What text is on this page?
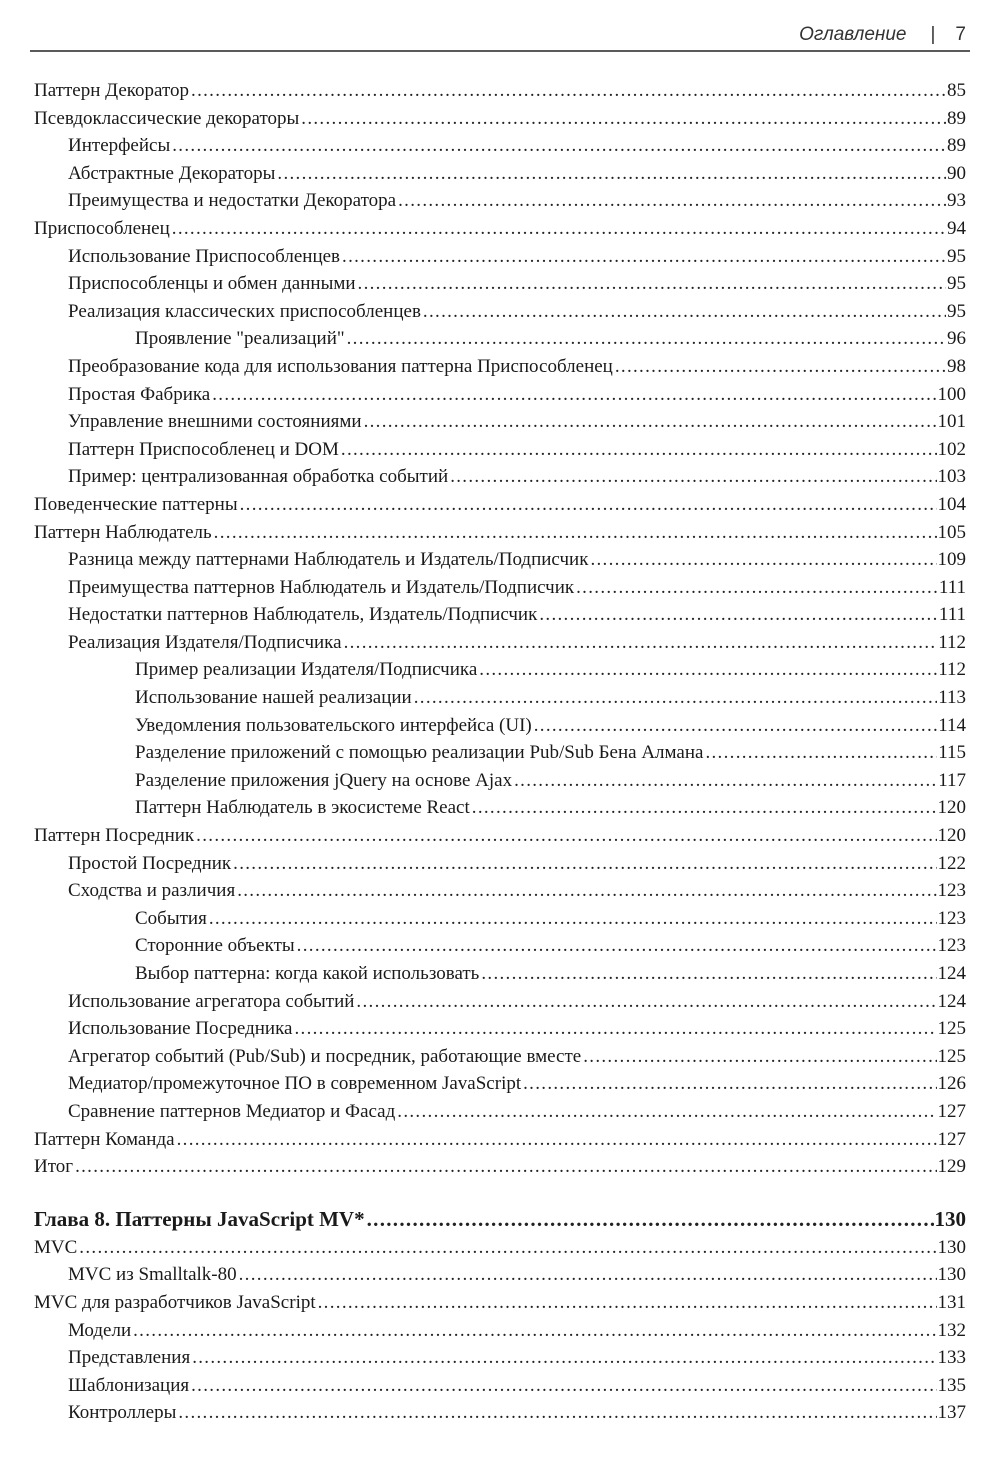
Оглавление | 7
Паттерн Декоратор .....	85
Псевдоклассические декораторы .....	89
Интерфейсы .....	89
Абстрактные Декораторы .....	90
Преимущества и недостатки Декоратора .....	93
Приспособленец .....	94
Использование Приспособленцев .....	95
Приспособленцы и обмен данными .....	95
Реализация классических приспособленцев .....	95
Проявление "реализаций" .....	96
Преобразование кода для использования паттерна Приспособленец .....	98
Простая Фабрика .....	100
Управление внешними состояниями .....	101
Паттерн Приспособленец и DOM .....	102
Пример: централизованная обработка событий .....	103
Поведенческие паттерны .....	104
Паттерн Наблюдатель .....	105
Разница между паттернами Наблюдатель и Издатель/Подписчик .....	109
Преимущества паттернов Наблюдатель и Издатель/Подписчик .....	111
Недостатки паттернов Наблюдатель, Издатель/Подписчик .....	111
Реализация Издателя/Подписчика .....	112
Пример реализации Издателя/Подписчика .....	112
Использование нашей реализации .....	113
Уведомления пользовательского интерфейса (UI) .....	114
Разделение приложений с помощью реализации Pub/Sub Бена Алмана .....	115
Разделение приложения jQuery на основе Ajax .....	117
Паттерн Наблюдатель в экосистеме React .....	120
Паттерн Посредник .....	120
Простой Посредник .....	122
Сходства и различия .....	123
События .....	123
Сторонние объекты .....	123
Выбор паттерна: когда какой использовать .....	124
Использование агрегатора событий .....	124
Использование Посредника .....	125
Агрегатор событий (Pub/Sub) и посредник, работающие вместе .....	125
Медиатор/промежуточное ПО в современном JavaScript .....	126
Сравнение паттернов Медиатор и Фасад .....	127
Паттерн Команда .....	127
Итог .....	129
Глава 8. Паттерны JavaScript MV* .....	130
MVC .....	130
MVC из Smalltalk-80 .....	130
MVC для разработчиков JavaScript .....	131
Модели .....	132
Представления .....	133
Шаблонизация .....	135
Контроллеры .....	137
